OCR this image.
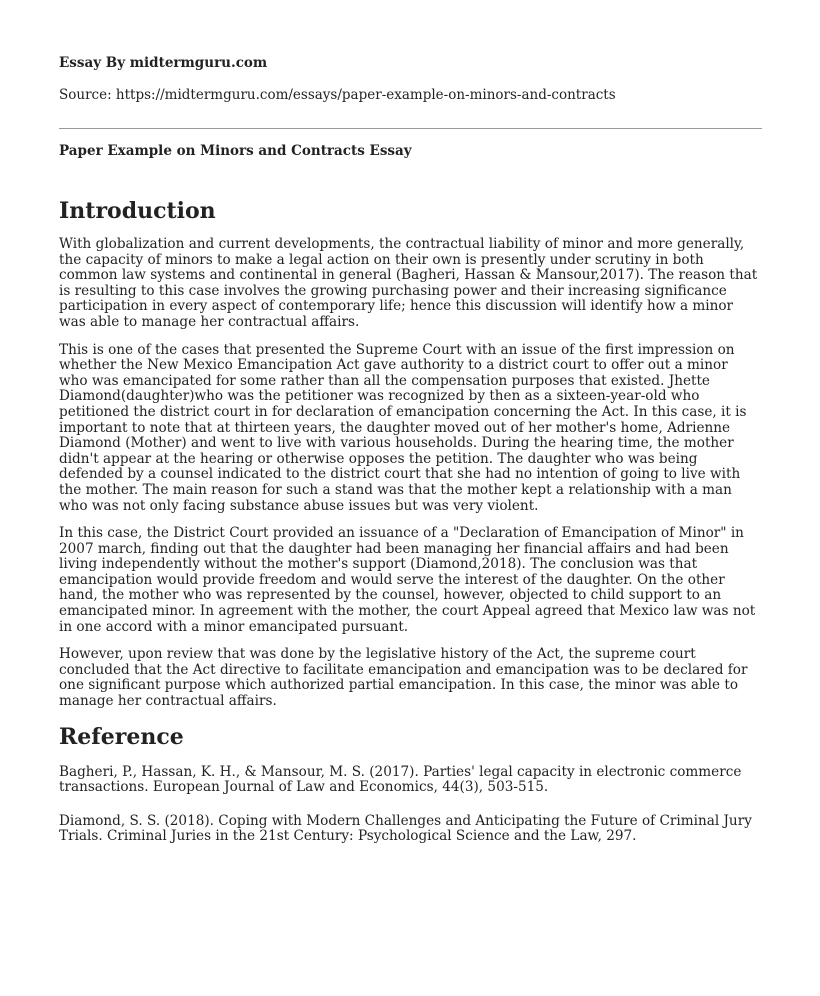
Essay By midtermguru.com

Source: https://midtermguru.com/essays/paper-example-on-minors-and-contracts

Paper Example on Minors and Contracts Essay

Introduction

With globalization and current developments, the contractual liability of minor and more generally, the capacity of minors to make a legal action on their own is presently under scrutiny in both common law systems and continental in general (Bagheri, Hassan & Mansour,2017). The reason that is resulting to this case involves the growing purchasing power and their increasing significance participation in every aspect of contemporary life; hence this discussion will identify how a minor was able to manage her contractual affairs.

This is one of the cases that presented the Supreme Court with an issue of the first impression on whether the New Mexico Emancipation Act gave authority to a district court to offer out a minor who was emancipated for some rather than all the compensation purposes that existed. Jhette Diamond(daughter)who was the petitioner was recognized by then as a sixteen-year-old who petitioned the district court in for declaration of emancipation concerning the Act. In this case, it is important to note that at thirteen years, the daughter moved out of her mother's home, Adrienne Diamond (Mother) and went to live with various households. During the hearing time, the mother didn't appear at the hearing or otherwise opposes the petition. The daughter who was being defended by a counsel indicated to the district court that she had no intention of going to live with the mother. The main reason for such a stand was that the mother kept a relationship with a man who was not only facing substance abuse issues but was very violent.

In this case, the District Court provided an issuance of a "Declaration of Emancipation of Minor" in 2007 march, finding out that the daughter had been managing her financial affairs and had been living independently without the mother's support (Diamond,2018). The conclusion was that emancipation would provide freedom and would serve the interest of the daughter. On the other hand, the mother who was represented by the counsel, however, objected to child support to an emancipated minor. In agreement with the mother, the court Appeal agreed that Mexico law was not in one accord with a minor emancipated pursuant.

However, upon review that was done by the legislative history of the Act, the supreme court concluded that the Act directive to facilitate emancipation and emancipation was to be declared for one significant purpose which authorized partial emancipation. In this case, the minor was able to manage her contractual affairs.

Reference

Bagheri, P., Hassan, K. H., & Mansour, M. S. (2017). Parties' legal capacity in electronic commerce transactions. European Journal of Law and Economics, 44(3), 503-515.

Diamond, S. S. (2018). Coping with Modern Challenges and Anticipating the Future of Criminal Jury Trials. Criminal Juries in the 21st Century: Psychological Science and the Law, 297.
